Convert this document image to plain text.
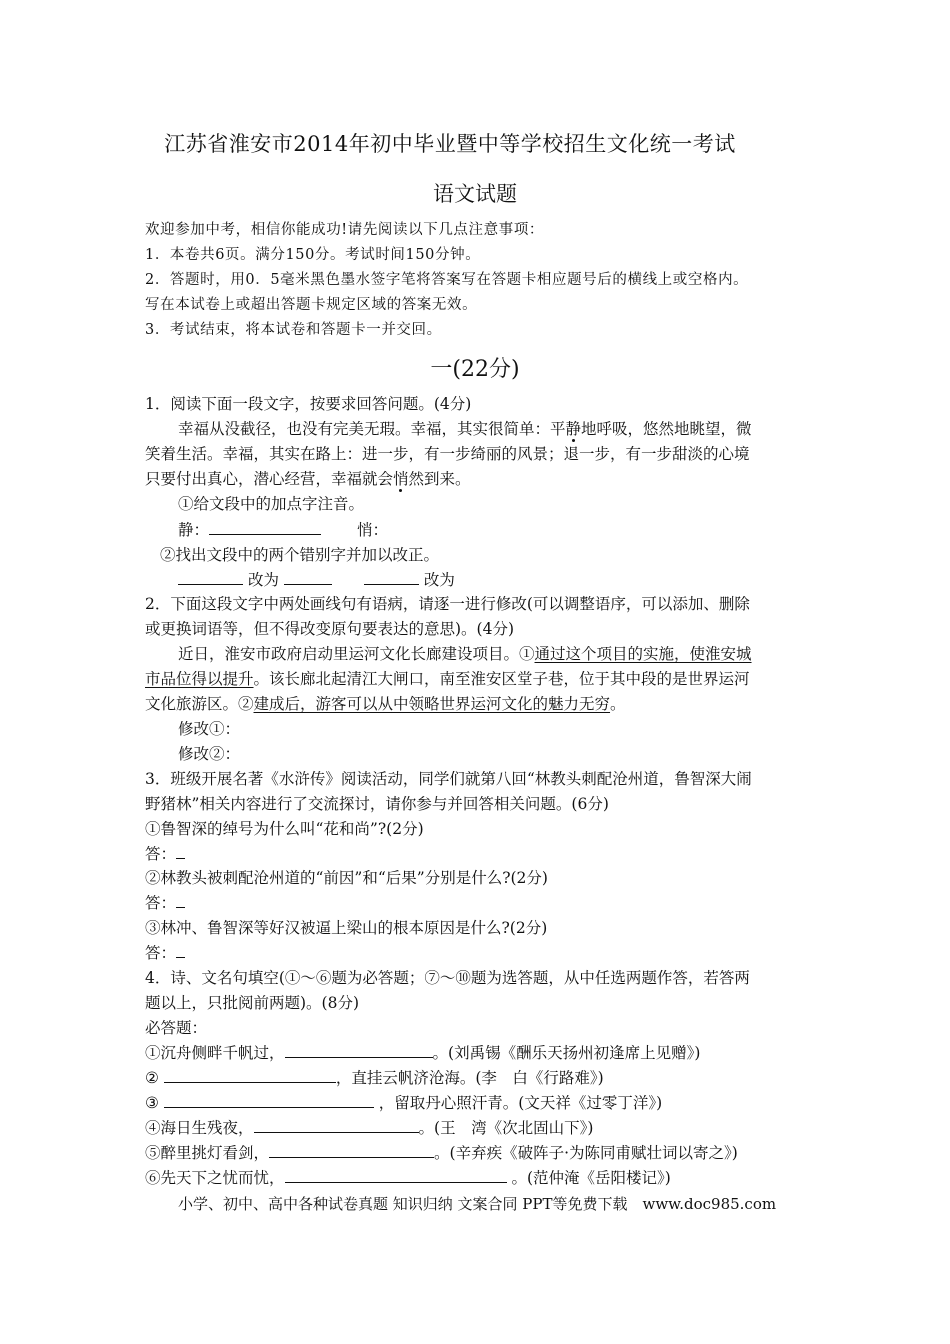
江苏省淮安市2014年初中毕业暨中等学校招生文化统一考试
语文试题
欢迎参加中考，相信你能成功!请先阅读以下几点注意事项：
1．本卷共6页。满分150分。考试时间150分钟。
2．答题时，用0．5毫米黑色墨水签字笔将答案写在答题卡相应题号后的横线上或空格内。
写在本试卷上或超出答题卡规定区域的答案无效。
3．考试结束，将本试卷和答题卡一并交回。
一(22分)
1．阅读下面一段文字，按要求回答问题。(4分)
幸福从没截径，也没有完美无瑕。幸福，其实很简单：平静地呼吸，悠然地眺望，微
笑着生活。幸福，其实在路上：进一步，有一步绮丽的风景；退一步，有一步甜淡的心境
只要付出真心，潜心经营，幸福就会悄然到来。
①给文段中的加点字注音。
静：	悄：
②找出文段中的两个错别字并加以改正。
改为	改为
2．下面这段文字中两处画线句有语病，请逐一进行修改(可以调整语序，可以添加、删除
或更换词语等，但不得改变原句要表达的意思)。(4分)
近日，淮安市政府启动里运河文化长廊建设项目。①通过这个项目的实施，使淮安城
市品位得以提升。该长廊北起清江大闸口，南至淮安区堂子巷，位于其中段的是世界运河
文化旅游区。②建成后，游客可以从中领略世界运河文化的魅力无穷。
修改①：
修改②：
3．班级开展名著《水浒传》阅读活动，同学们就第八回“林教头刺配沧州道，鲁智深大闹
野猪林”相关内容进行了交流探讨，请你参与并回答相关问题。(6分)
①鲁智深的绰号为什么叫“花和尚”?(2分)
答：
②林教头被刺配沧州道的“前因”和“后果”分别是什么?(2分)
答：
③林冲、鲁智深等好汉被逼上梁山的根本原因是什么?(2分)
答：
4．诗、文名句填空(①～⑥题为必答题；⑦～⑩题为选答题，从中任选两题作答，若答两
题以上，只批阅前两题)。(8分)
必答题：
①沉舟侧畔千帆过，	。(刘禹锡《酬乐天扬州初逢席上见赠》)
②	，直挂云帆济沧海。(李　白《行路难》)
③	，留取丹心照汗青。(文天祥《过零丁洋》)
④海日生残夜，	。(王　湾《次北固山下》)
⑤醉里挑灯看剑，	。(辛弃疾《破阵子·为陈同甫赋壮词以寄之》)
⑥先天下之忧而忧，	。(范仲淹《岳阳楼记》)
小学、初中、高中各种试卷真题 知识归纳 文案合同 PPT等免费下载　www.doc985.com
